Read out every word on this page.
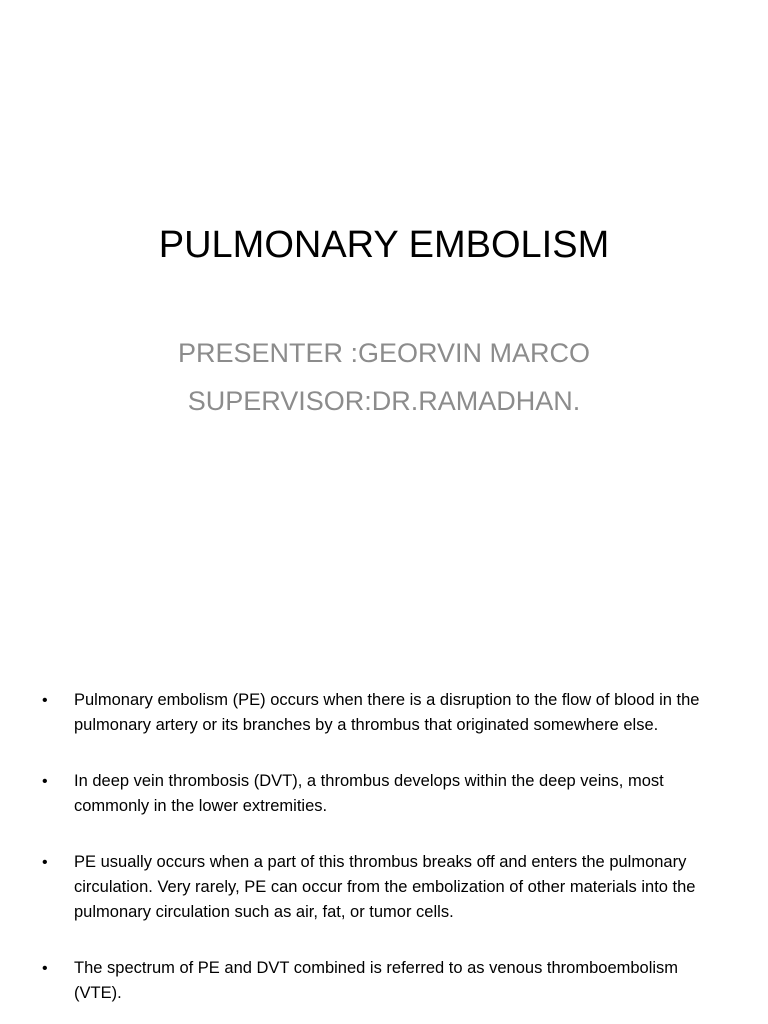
PULMONARY EMBOLISM
PRESENTER :GEORVIN MARCO
SUPERVISOR:DR.RAMADHAN.
•	Pulmonary embolism (PE) occurs when there is a disruption to the flow of blood in the pulmonary artery or its branches by a thrombus that originated somewhere else.
•	In deep vein thrombosis (DVT), a thrombus develops within the deep veins, most commonly in the lower extremities.
•	PE usually occurs when a part of this thrombus breaks off and enters the pulmonary circulation. Very rarely, PE can occur from the embolization of other materials into the pulmonary circulation such as air, fat, or tumor cells.
•	The spectrum of PE and DVT combined is referred to as venous thromboembolism (VTE).
